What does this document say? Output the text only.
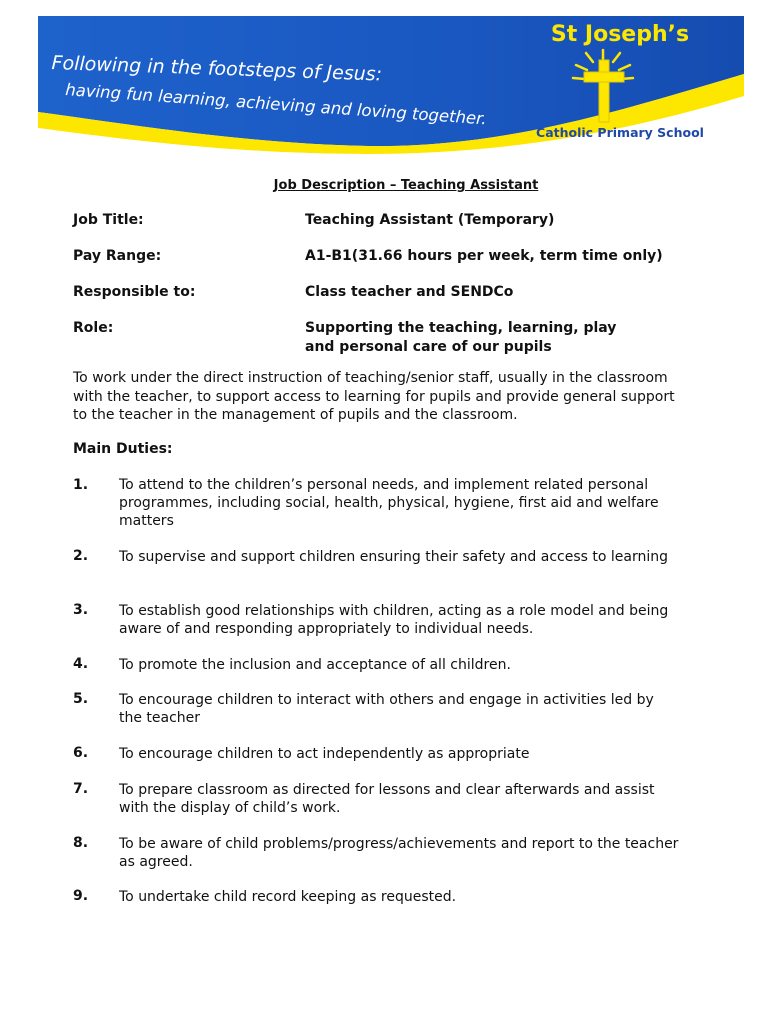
Following in the footsteps of Jesus:
having fun learning, achieving and loving together.
St Joseph’s
Catholic Primary School
Job Description – Teaching Assistant
Job Title:	Teaching Assistant (Temporary)
Pay Range:	A1-B1(31.66 hours per week, term time only)
Responsible to:	Class teacher and SENDCo
Role:	Supporting the teaching, learning, play and personal care of our pupils
To work under the direct instruction of teaching/senior staff, usually in the classroom with the teacher, to support access to learning for pupils and provide general support to the teacher in the management of pupils and the classroom.
Main Duties:
1. To attend to the children’s personal needs, and implement related personal programmes, including social, health, physical, hygiene, first aid and welfare matters
2. To supervise and support children ensuring their safety and access to learning
3. To establish good relationships with children, acting as a role model and being aware of and responding appropriately to individual needs.
4. To promote the inclusion and acceptance of all children.
5. To encourage children to interact with others and engage in activities led by the teacher
6. To encourage children to act independently as appropriate
7. To prepare classroom as directed for lessons and clear afterwards and assist with the display of child’s work.
8. To be aware of child problems/progress/achievements and report to the teacher as agreed.
9. To undertake child record keeping as requested.
